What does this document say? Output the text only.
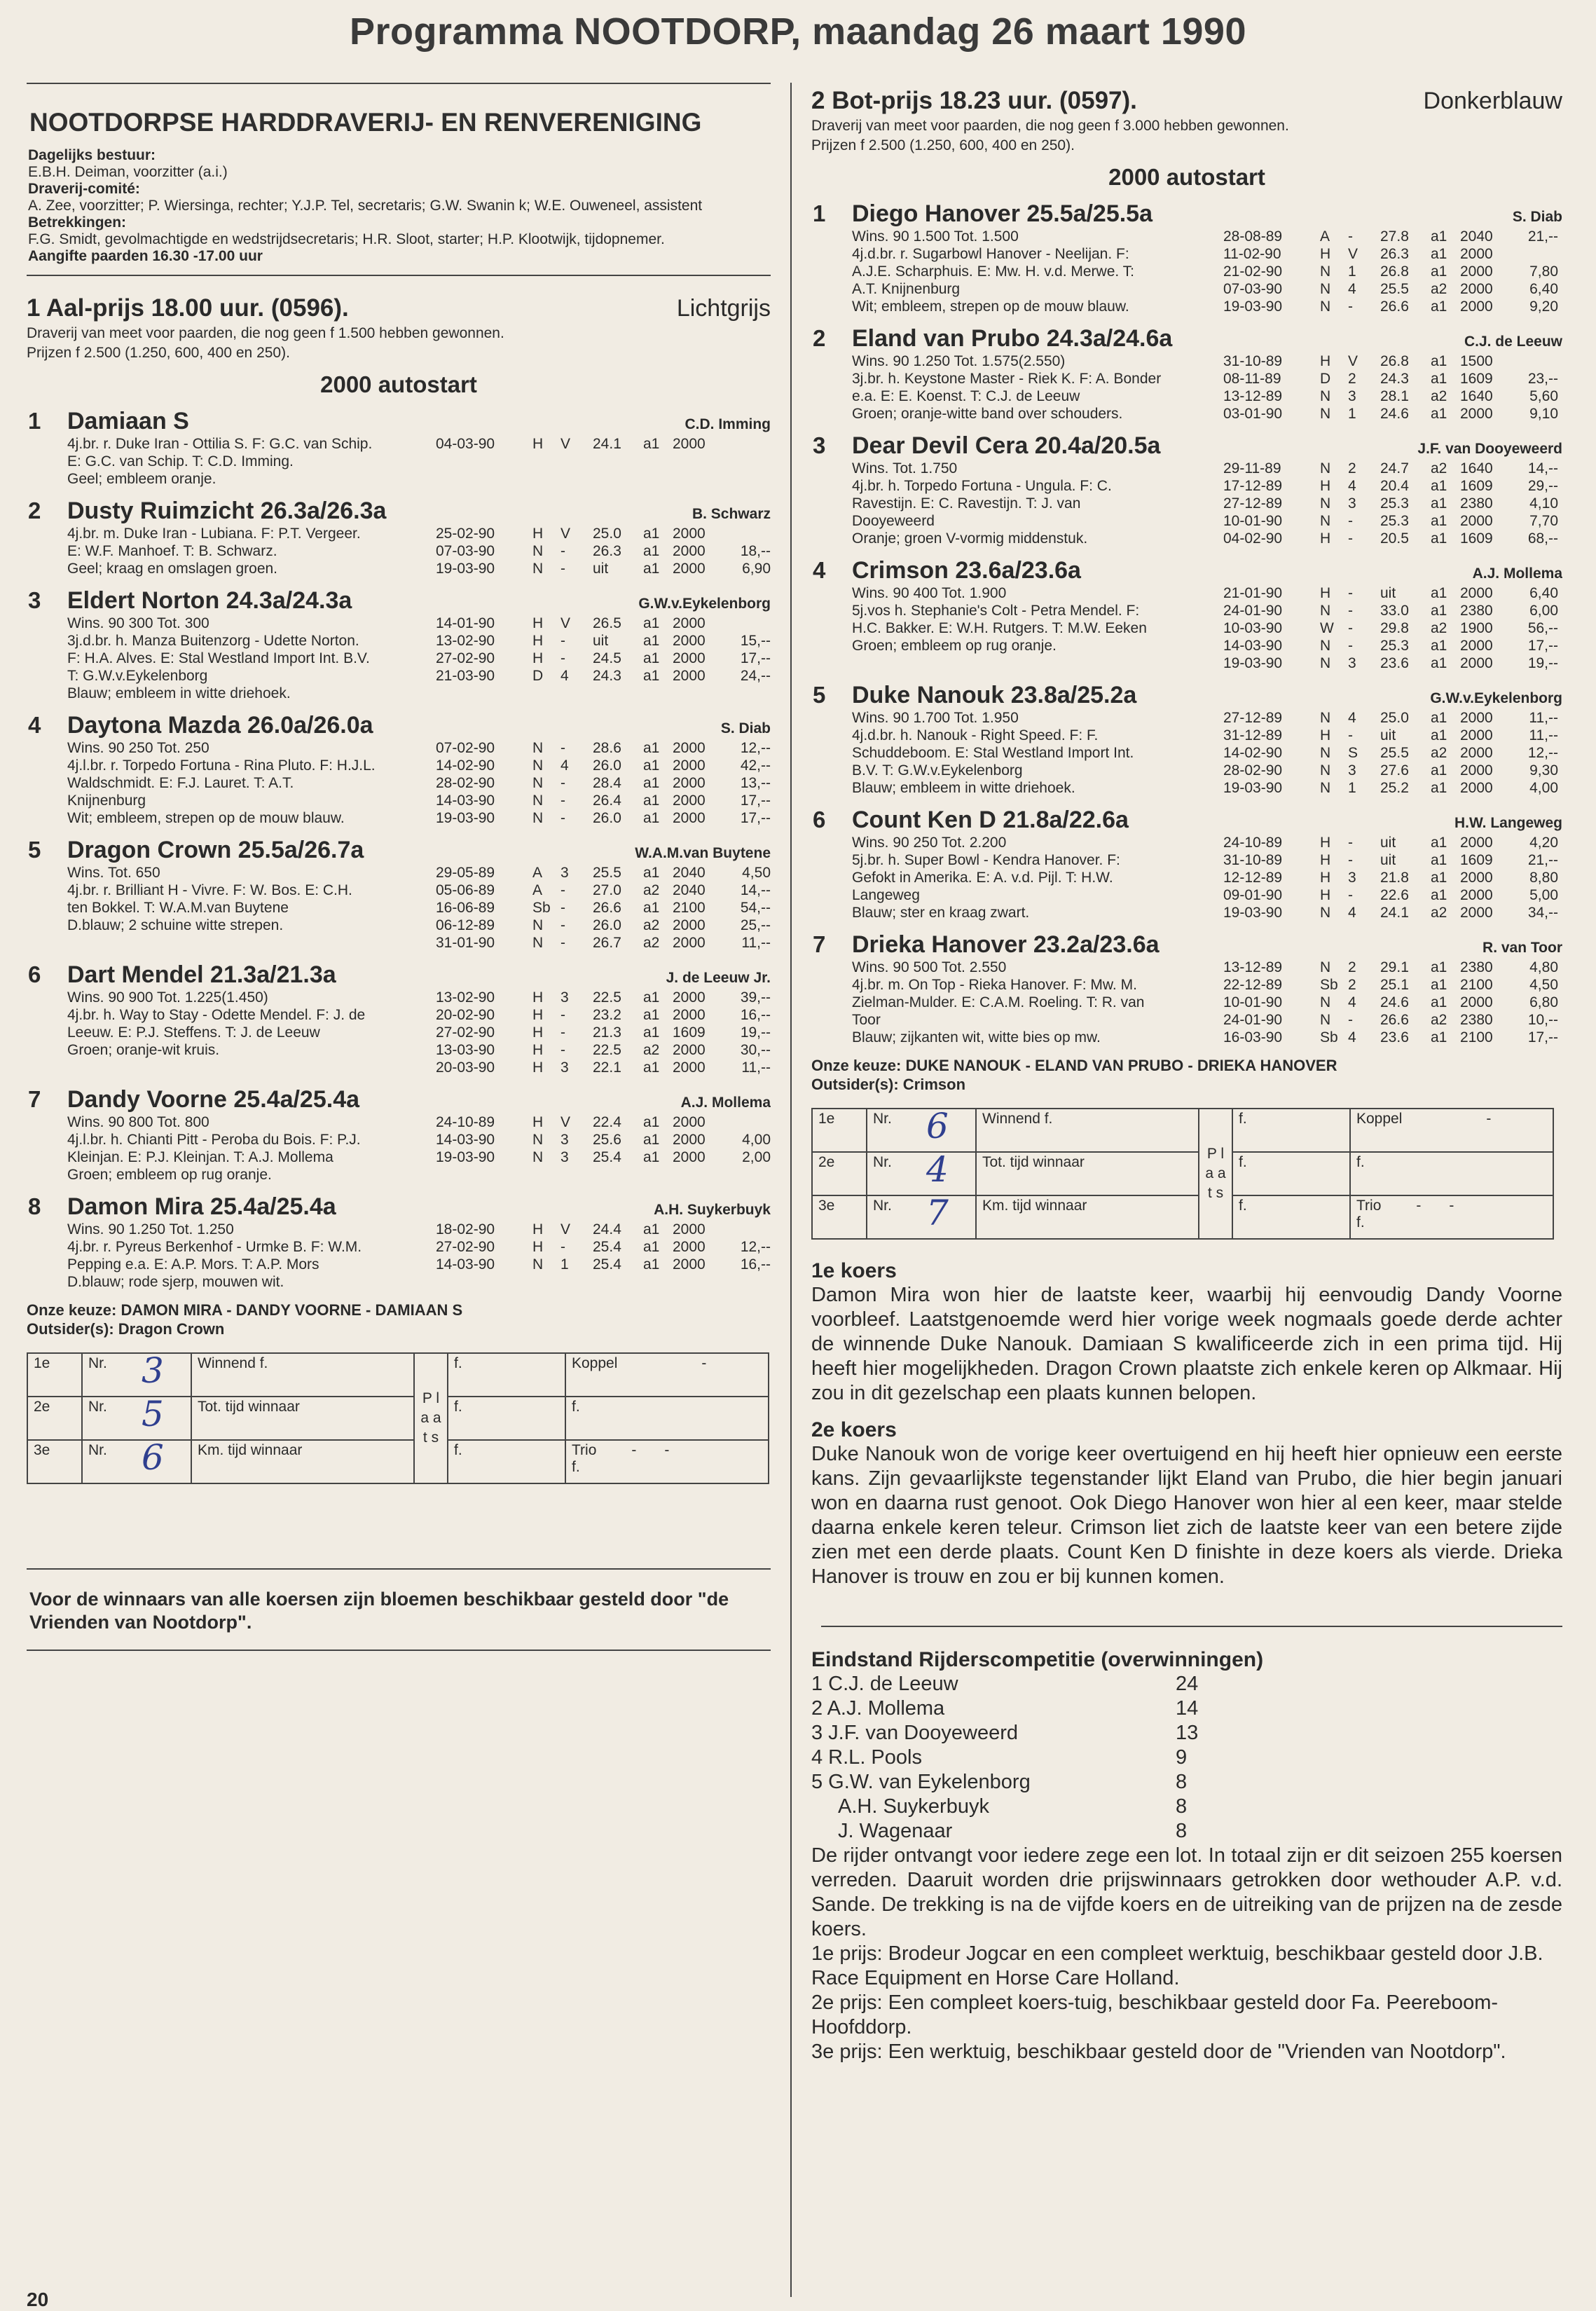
Programma NOOTDORP, maandag 26 maart 1990
NOOTDORPSE HARDDRAVERIJ- EN RENVERENIGING
Dagelijks bestuur:
E.B.H. Deiman, voorzitter (a.i.)
Draverij-comité:
A. Zee, voorzitter; P. Wiersinga, rechter; Y.J.P. Tel, secretaris; G.W. Swanin k; W.E. Ouweneel, assistent
Betrekkingen:
F.G. Smidt, gevolmachtigde en wedstrijdsecretaris; H.R. Sloot, starter; H.P. Klootwijk, tijdopnemer.
Aangifte paarden 16.30 -17.00 uur
1 Aal-prijs 18.00 uur. (0596).	Lichtgrijs
Draverij van meet voor paarden, die nog geen f 1.500 hebben gewonnen.
Prijzen f 2.500 (1.250, 600, 400 en 250).
2000 autostart
1 Damiaan S	C.D. Imming
4j.br. r. Duke Iran - Ottilia S. F: G.C. van Schip.
E: G.C. van Schip. T: C.D. Imming.
Geel; embleem oranje.
04-03-90	H	V	24.1	a1 2000
2 Dusty Ruimzicht 26.3a/26.3a	B. Schwarz
4j.br. m. Duke Iran - Lubiana. F: P.T. Vergeer.
E: W.F. Manhoef. T: B. Schwarz.
Geel; kraag en omslagen groen.
25-02-90	H	V	25.0	a1 2000
07-03-90	N	-	26.3	a1 2000	18,--
19-03-90	N	-	uit	a1 2000	6,90
3 Eldert Norton 24.3a/24.3a	G.W.v.Eykelenborg
Wins. 90 300 Tot. 300
3j.d.br. h. Manza Buitenzorg - Udette Norton.
F: H.A. Alves. E: Stal Westland Import Int. B.V.
T: G.W.v.Eykelenborg
Blauw; embleem in witte driehoek.
14-01-90	H	V	26.5	a1 2000
13-02-90	H	-	uit	a1 2000	15,--
27-02-90	H	-	24.5	a1 2000	17,--
21-03-90	D	4	24.3	a1 2000	24,--
4 Daytona Mazda 26.0a/26.0a	S. Diab
Wins. 90 250 Tot. 250
4j.l.br. r. Torpedo Fortuna - Rina Pluto. F: H.J.L.
Waldschmidt. E: F.J. Lauret. T: A.T.
Knijnenburg
Wit; embleem, strepen op de mouw blauw.
07-02-90	N	-	28.6	a1 2000	12,--
14-02-90	N	4	26.0	a1 2000	42,--
28-02-90	N	-	28.4	a1 2000	13,--
14-03-90	N	-	26.4	a1 2000	17,--
19-03-90	N	-	26.0	a1 2000	17,--
5 Dragon Crown 25.5a/26.7a	W.A.M.van Buytene
Wins. Tot. 650
4j.br. r. Brilliant H - Vivre. F: W. Bos. E: C.H.
ten Bokkel. T: W.A.M.van Buytene
D.blauw; 2 schuine witte strepen.
29-05-89	A	3	25.5	a1 2040	4,50
05-06-89	A	-	27.0	a2 2040	14,--
16-06-89	Sb -	26.6	a1 2100	54,--
06-12-89	N	-	26.0	a2 2000	25,--
31-01-90	N	-	26.7	a2 2000	11,--
6 Dart Mendel 21.3a/21.3a	J. de Leeuw Jr.
Wins. 90 900 Tot. 1.225(1.450)
4j.br. h. Way to Stay - Odette Mendel. F: J. de
Leeuw. E: P.J. Steffens. T: J. de Leeuw
Groen; oranje-wit kruis.
13-02-90	H	3	22.5	a1 2000	39,--
20-02-90	H	-	23.2	a1 2000	16,--
27-02-90	H	-	21.3	a1 1609	19,--
13-03-90	H	-	22.5	a2 2000	30,--
20-03-90	H	3	22.1	a1 2000	11,--
7 Dandy Voorne 25.4a/25.4a	A.J. Mollema
Wins. 90 800 Tot. 800
4j.l.br. h. Chianti Pitt - Peroba du Bois. F: P.J.
Kleinjan. E: P.J. Kleinjan. T: A.J. Mollema
Groen; embleem op rug oranje.
24-10-89	H	V	22.4	a1 2000
14-03-90	N	3	25.6	a1 2000	4,00
19-03-90	N	3	25.4	a1 2000	2,00
8 Damon Mira 25.4a/25.4a	A.H. Suykerbuyk
Wins. 90 1.250 Tot. 1.250
4j.br. r. Pyreus Berkenhof - Urmke B. F: W.M.
Pepping e.a. E: A.P. Mors. T: A.P. Mors
D.blauw; rode sjerp, mouwen wit.
18-02-90	H	V	24.4	a1 2000
27-02-90	H	-	25.4	a1 2000	12,--
14-03-90	N	1	25.4	a1 2000	16,--
Onze keuze: DAMON MIRA - DANDY VOORNE - DAMIAAN S
Outsider(s): Dragon Crown
1e	Nr. 3	Winnend f.	P l a a t s	f.	Koppel -

2e	Nr. 5	Tot. tijd winnaar		f.	f.
3e	Nr. 6	Km. tijd winnaar		f.	Trio - -
f.
Voor de winnaars van alle koersen zijn bloemen beschikbaar gesteld door "de Vrienden van Nootdorp".
2 Bot-prijs 18.23 uur. (0597).	Donkerblauw
Draverij van meet voor paarden, die nog geen f 3.000 hebben gewonnen.
Prijzen f 2.500 (1.250, 600, 400 en 250).
2000 autostart
1 Diego Hanover 25.5a/25.5a	S. Diab
Wins. 90 1.500 Tot. 1.500
4j.d.br. r. Sugarbowl Hanover - Neelijan. F:
A.J.E. Scharphuis. E: Mw. H. v.d. Merwe. T:
A.T. Knijnenburg
Wit; embleem, strepen op de mouw blauw.
28-08-89	A	-	27.8	a1 2040	21,--
11-02-90	H	V	26.3	a1 2000
21-02-90	N	1	26.8	a1 2000	7,80
07-03-90	N	4	25.5	a2 2000	6,40
19-03-90	N	-	26.6	a1 2000	9,20
2 Eland van Prubo 24.3a/24.6a	C.J. de Leeuw
Wins. 90 1.250 Tot. 1.575(2.550)
3j.br. h. Keystone Master - Riek K. F: A. Bonder
e.a. E: E. Koenst. T: C.J. de Leeuw
Groen; oranje-witte band over schouders.
31-10-89	H	V	26.8	a1 1500
08-11-89	D	2	24.3	a1 1609	23,--
13-12-89	N	3	28.1	a2 1640	5,60
03-01-90	N	1	24.6	a1 2000	9,10
3 Dear Devil Cera 20.4a/20.5a	J.F. van Dooyeweerd
Wins. Tot. 1.750
4j.br. h. Torpedo Fortuna - Ungula. F: C.
Ravestijn. E: C. Ravestijn. T: J. van
Dooyeweerd
Oranje; groen V-vormig middenstuk.
29-11-89	N	2	24.7	a2 1640	14,--
17-12-89	H	4	20.4	a1 1609	29,--
27-12-89	N	3	25.3	a1 2380	4,10
10-01-90	N	-	25.3	a1 2000	7,70
04-02-90	H	-	20.5	a1 1609	68,--
4 Crimson 23.6a/23.6a	A.J. Mollema
Wins. 90 400 Tot. 1.900
5j.vos h. Stephanie's Colt - Petra Mendel. F:
H.C. Bakker. E: W.H. Rutgers. T: M.W. Eeken
Groen; embleem op rug oranje.
21-01-90	H	-	uit	a1 2000	6,40
24-01-90	N	-	33.0	a1 2380	6,00
10-03-90	W -	29.8	a2 1900	56,--
14-03-90	N	-	25.3	a1 2000	17,--
19-03-90	N	3	23.6	a1 2000	19,--
5 Duke Nanouk 23.8a/25.2a	G.W.v.Eykelenborg
Wins. 90 1.700 Tot. 1.950
4j.d.br. h. Nanouk - Right Speed. F: F.
Schuddeboom. E: Stal Westland Import Int.
B.V. T: G.W.v.Eykelenborg
Blauw; embleem in witte driehoek.
27-12-89	N	4	25.0	a1 2000	11,--
31-12-89	H	-	uit	a1 2000	11,--
14-02-90	N	S	25.5	a2 2000	12,--
28-02-90	N	3	27.6	a1 2000	9,30
19-03-90	N	1	25.2	a1 2000	4,00
6 Count Ken D 21.8a/22.6a	H.W. Langeweg
Wins. 90 250 Tot. 2.200
5j.br. h. Super Bowl - Kendra Hanover. F:
Gefokt in Amerika. E: A. v.d. Pijl. T: H.W.
Langeweg
Blauw; ster en kraag zwart.
24-10-89	H	-	uit	a1 2000	4,20
31-10-89	H	-	uit	a1 1609	21,--
12-12-89	H	3	21.8	a1 2000	8,80
09-01-90	H	-	22.6	a1 2000	5,00
19-03-90	N	4	24.1	a2 2000	34,--
7 Drieka Hanover 23.2a/23.6a	R. van Toor
Wins. 90 500 Tot. 2.550
4j.br. m. On Top - Rieka Hanover. F: Mw. M.
Zielman-Mulder. E: C.A.M. Roeling. T: R. van
Toor
Blauw; zijkanten wit, witte bies op mw.
13-12-89	N	2	29.1	a1 2380	4,80
22-12-89	Sb 2	25.1	a1 2100	4,50
10-01-90	N	4	24.6	a1 2000	6,80
24-01-90	N	-	26.6	a2 2380	10,--
16-03-90	Sb 4	23.6	a1 2100	17,--
Onze keuze: DUKE NANOUK - ELAND VAN PRUBO - DRIEKA HANOVER
Outsider(s): Crimson
1e	Nr. 6	Winnend f.	P l a a t s	f.	Koppel -

2e	Nr. 4	Tot. tijd winnaar		f.	f.
3e	Nr. 7	Km. tijd winnaar		f.	Trio - -
f.
1e koers
Damon Mira won hier de laatste keer, waarbij hij eenvoudig Dandy Voorne voorbleef. Laatstgenoemde werd hier vorige week nogmaals goede derde achter de winnende Duke Nanouk. Damiaan S kwalificeerde zich in een prima tijd. Hij heeft hier mogelijkheden. Dragon Crown plaatste zich enkele keren op Alkmaar. Hij zou in dit gezelschap een plaats kunnen belopen.
2e koers
Duke Nanouk won de vorige keer overtuigend en hij heeft hier opnieuw een eerste kans. Zijn gevaarlijkste tegenstander lijkt Eland van Prubo, die hier begin januari won en daarna rust genoot. Ook Diego Hanover won hier al een keer, maar stelde daarna enkele keren teleur. Crimson liet zich de laatste keer van een betere zijde zien met een derde plaats. Count Ken D finishte in deze koers als vierde. Drieka Hanover is trouw en zou er bij kunnen komen.
Eindstand Rijderscompetitie (overwinningen)
1 C.J. de Leeuw	24
2 A.J. Mollema	14
3 J.F. van Dooyeweerd	13
4 R.L. Pools	9
5 G.W. van Eykelenborg	8
A.H. Suykerbuyk	8
J. Wagenaar	8
De rijder ontvangt voor iedere zege een lot. In totaal zijn er dit seizoen 255 koersen verreden. Daaruit worden drie prijswinnaars getrokken door wethouder A.P. v.d. Sande. De trekking is na de vijfde koers en de uitreiking van de prijzen na de zesde koers.
1e prijs: Brodeur Jogcar en een compleet werktuig, beschikbaar gesteld door J.B. Race Equipment en Horse Care Holland.
2e prijs: Een compleet koers-tuig, beschikbaar gesteld door Fa. Peereboom-Hoofddorp.
3e prijs: Een werktuig, beschikbaar gesteld door de "Vrienden van Nootdorp".
20
